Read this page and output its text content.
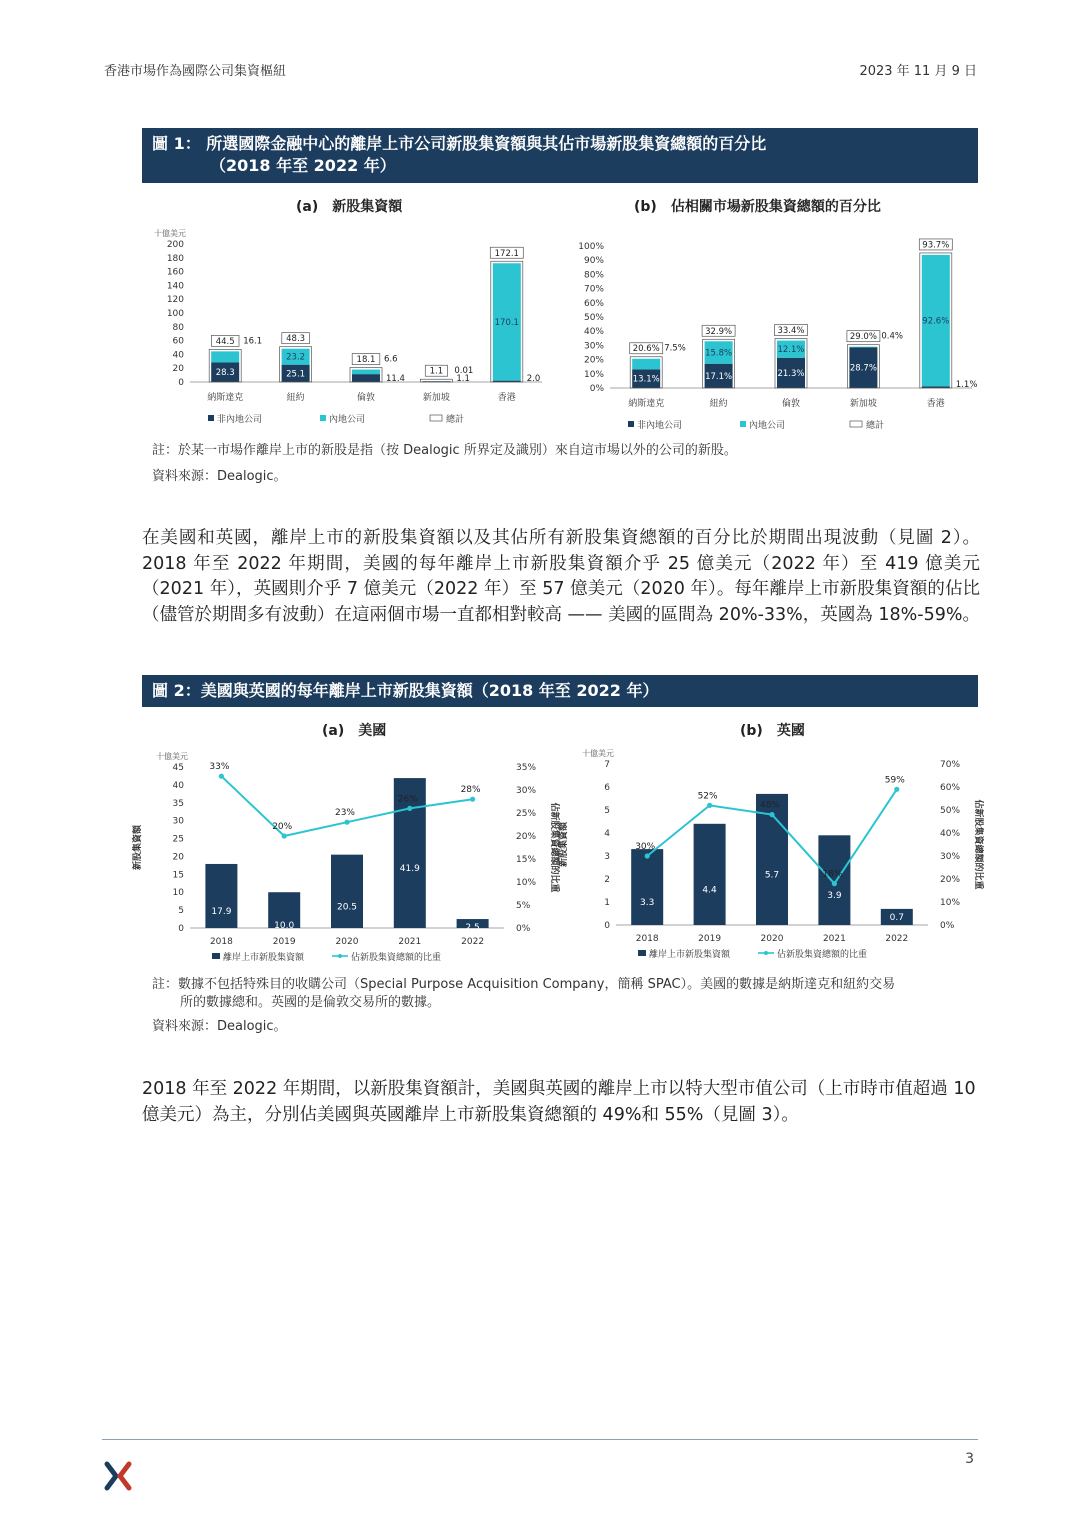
香港市場作為國際公司集資樞紐	2023 年 11 月 9 日
圖 1： 所選國際金融中心的離岸上市公司新股集資額與其佔市場新股集資總額的百分比
（2018 年至 2022 年）
(a)　新股集資額	(b)　佔相關市場新股集資總額的百分比
十億美元
0
20
40
60
80
100
120
140
160
180
200
44.5
28.3
16.1
納斯達克
48.3
25.1
23.2
紐約
18.1
11.4
6.6
倫敦
1.1
1.1
0.01
新加坡
172.1
2.0
170.1
香港
非內地公司	內地公司	總計
0%
10%
20%
30%
40%
50%
60%
70%
80%
90%
100%
20.6%
13.1%
7.5%
納斯達克
32.9%
17.1%
15.8%
紐約
33.4%
21.3%
12.1%
倫敦
29.0%
28.7%
0.4%
新加坡
93.7%
1.1%
92.6%
香港
非內地公司	內地公司	總計
註：於某一市場作離岸上市的新股是指（按 Dealogic 所界定及識別）來自這市場以外的公司的新股。
資料來源：Dealogic。
在美國和英國，離岸上市的新股集資額以及其佔所有新股集資總額的百分比於期間出現波動（見圖 2）。2018 年至 2022 年期間，美國的每年離岸上市新股集資額介乎 25 億美元（2022 年）至 419 億美元（2021 年），英國則介乎 7 億美元（2022 年）至 57 億美元（2020 年）。每年離岸上市新股集資額的佔比（儘管於期間多有波動）在這兩個市場一直都相對較高 —— 美國的區間為 20%-33%，英國為 18%-59%。
圖 2：美國與英國的每年離岸上市新股集資額（2018 年至 2022 年）
(a)　美國	(b)　英國
十億美元
0
5
10
15
20
25
30
35
40
45
0%
5%
10%
15%
20%
25%
30%
35%
新股集資額	佔新股集資總額的比重
17.9
2018
10.0
2019
20.5
2020
41.9
2021
2.5
2022
33%
20%
23%
26%
28%
離岸上市新股集資額	佔新股集資總額的比重
十億美元
0
1
2
3
4
5
6
7
0%
10%
20%
30%
40%
50%
60%
70%
新股集資額	佔新股集資總額的比重
3.3
2018
4.4
2019
5.7
2020
3.9
2021
0.7
2022
30%
52%
48%
18%
59%
離岸上市新股集資額	佔新股集資總額的比重
註：數據不包括特殊目的收購公司（Special Purpose Acquisition Company，簡稱 SPAC）。美國的數據是納斯達克和紐約交易
所的數據總和。英國的是倫敦交易所的數據。
資料來源：Dealogic。
2018 年至 2022 年期間，以新股集資額計，美國與英國的離岸上市以特大型市值公司（上市時市值超過 10 億美元）為主，分別佔美國與英國離岸上市新股集資總額的 49%和 55%（見圖 3）。
3
